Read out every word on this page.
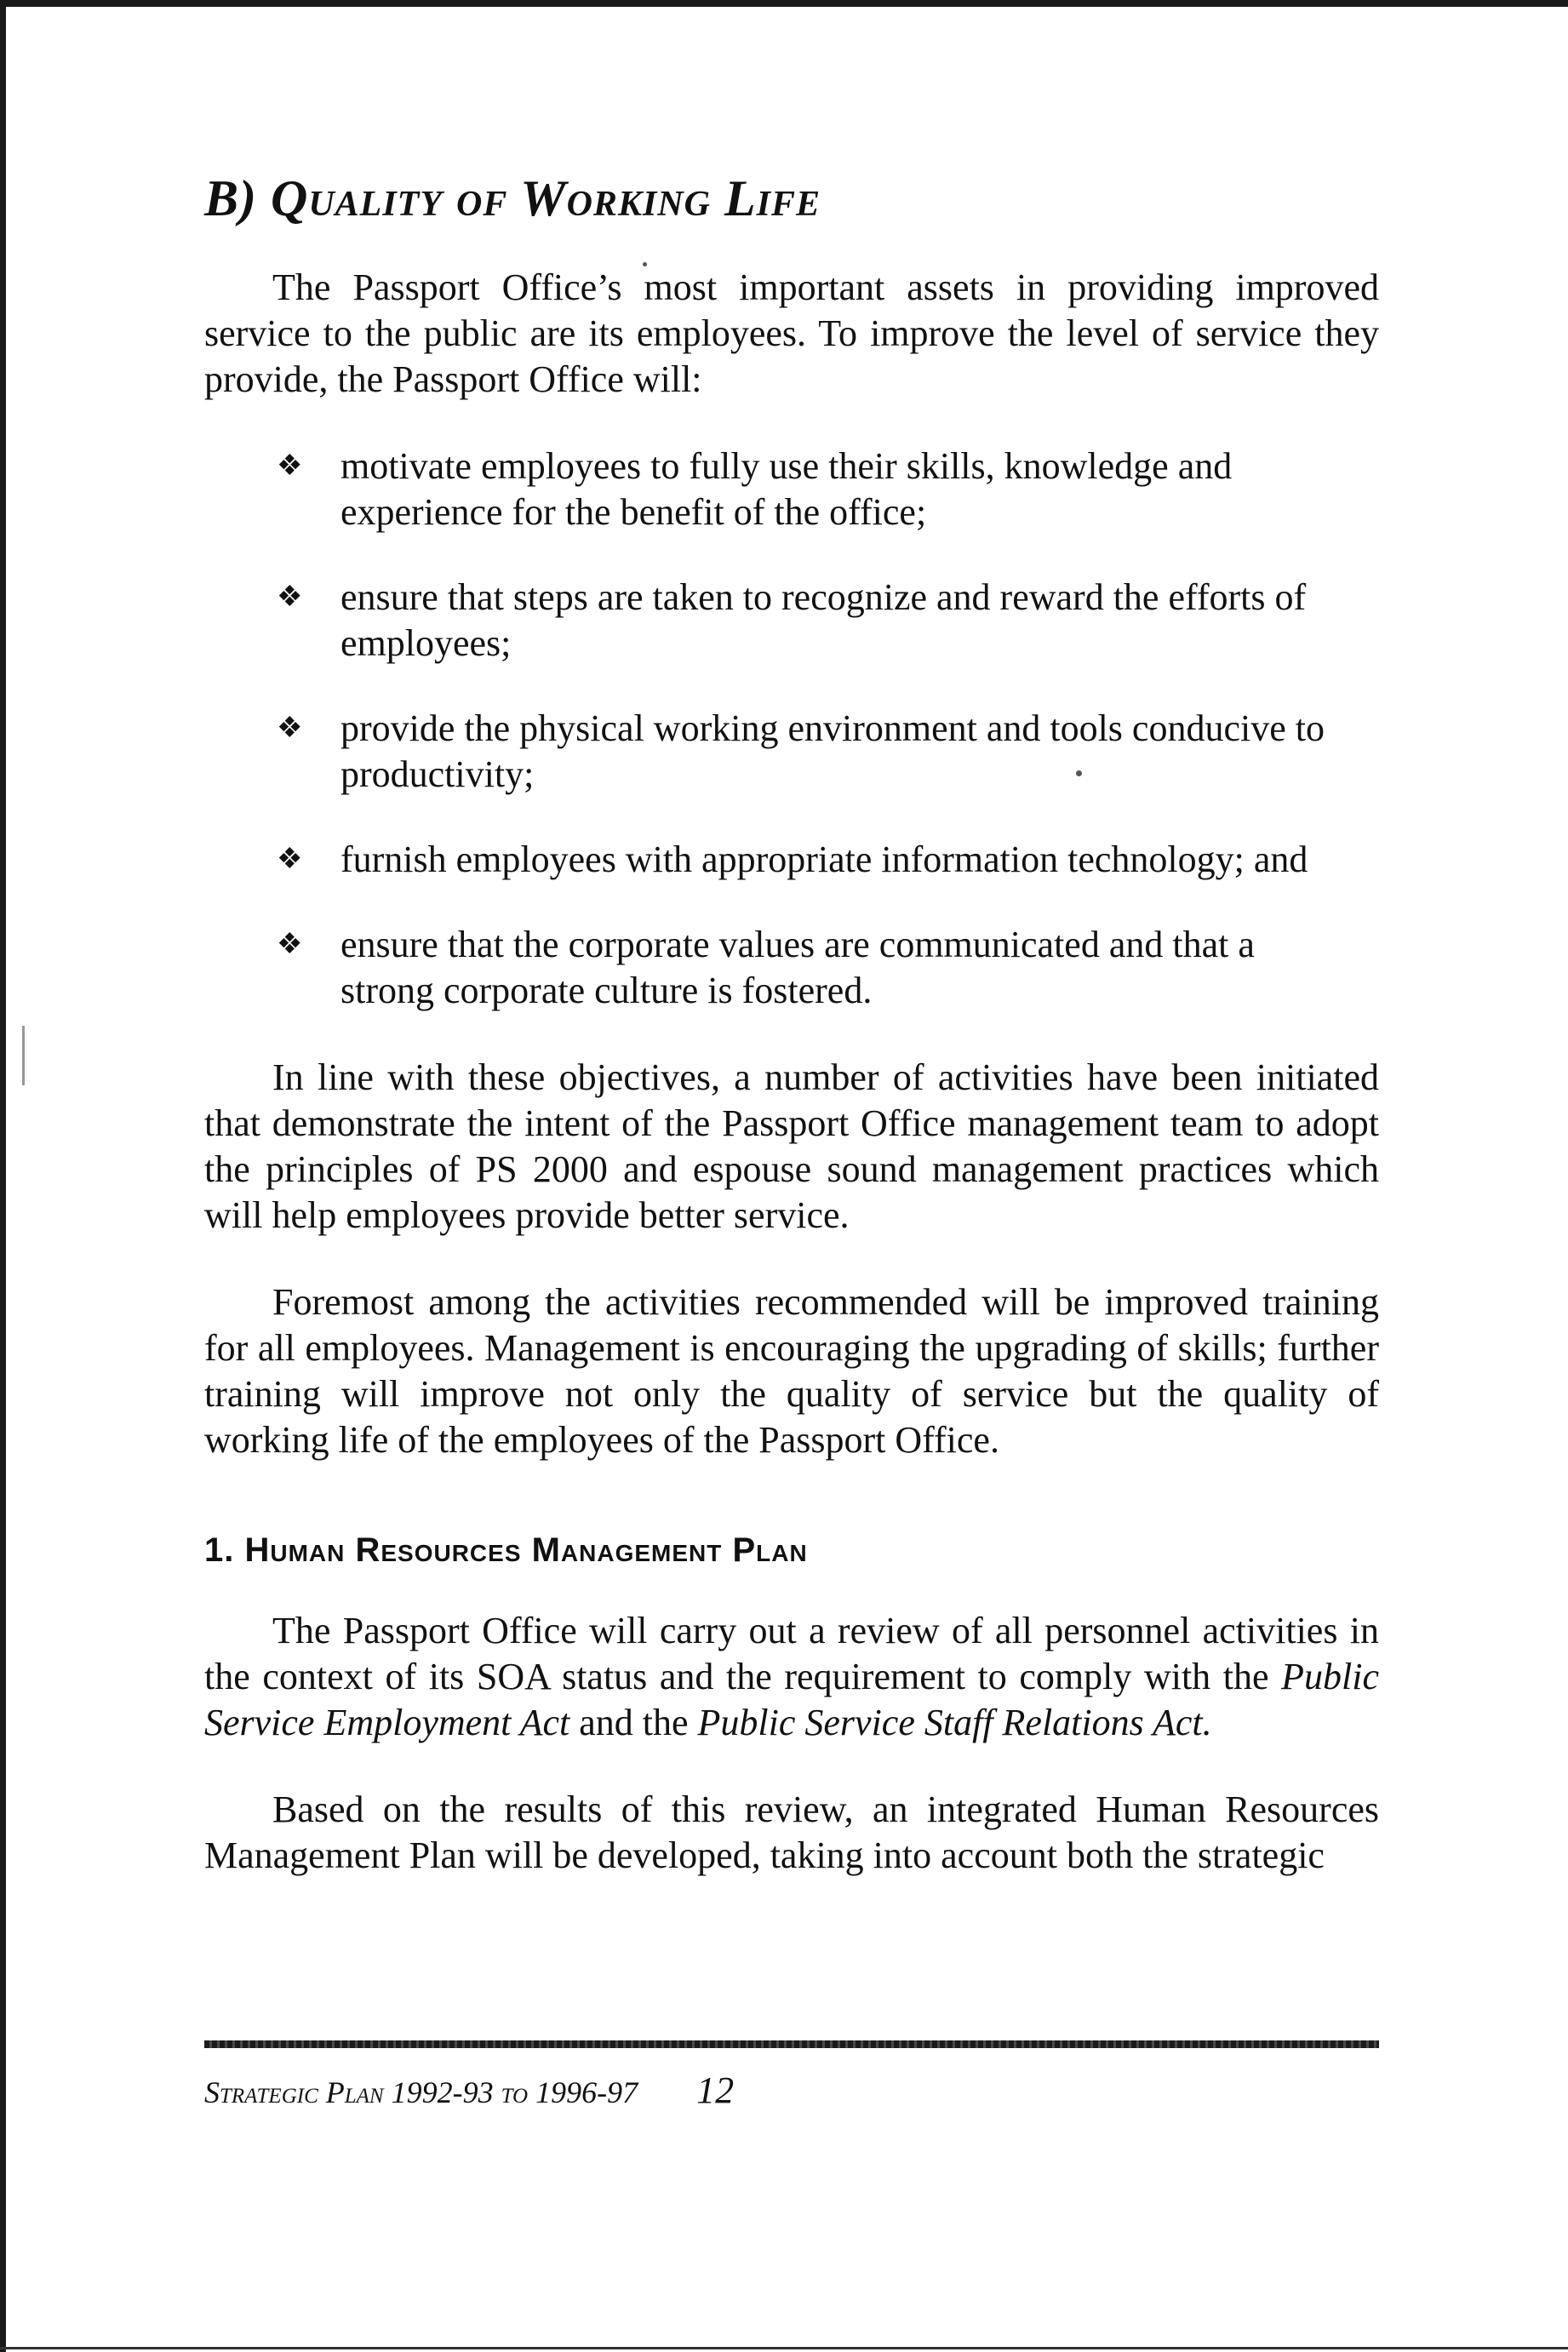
B) Quality of Working Life

The Passport Office’s most important assets in providing improved service to the public are its employees. To improve the level of service they provide, the Passport Office will:

❖ motivate employees to fully use their skills, knowledge and experience for the benefit of the office;
❖ ensure that steps are taken to recognize and reward the efforts of employees;
❖ provide the physical working environment and tools conducive to productivity;
❖ furnish employees with appropriate information technology; and
❖ ensure that the corporate values are communicated and that a strong corporate culture is fostered.

In line with these objectives, a number of activities have been initiated that demonstrate the intent of the Passport Office management team to adopt the principles of PS 2000 and espouse sound management practices which will help employees provide better service.

Foremost among the activities recommended will be improved training for all employees. Management is encouraging the upgrading of skills; further training will improve not only the quality of service but the quality of working life of the employees of the Passport Office.

1. Human Resources Management Plan

The Passport Office will carry out a review of all personnel activities in the context of its SOA status and the requirement to comply with the Public Service Employment Act and the Public Service Staff Relations Act.

Based on the results of this review, an integrated Human Resources Management Plan will be developed, taking into account both the strategic

Strategic Plan 1992-93 to 1996-97 12
